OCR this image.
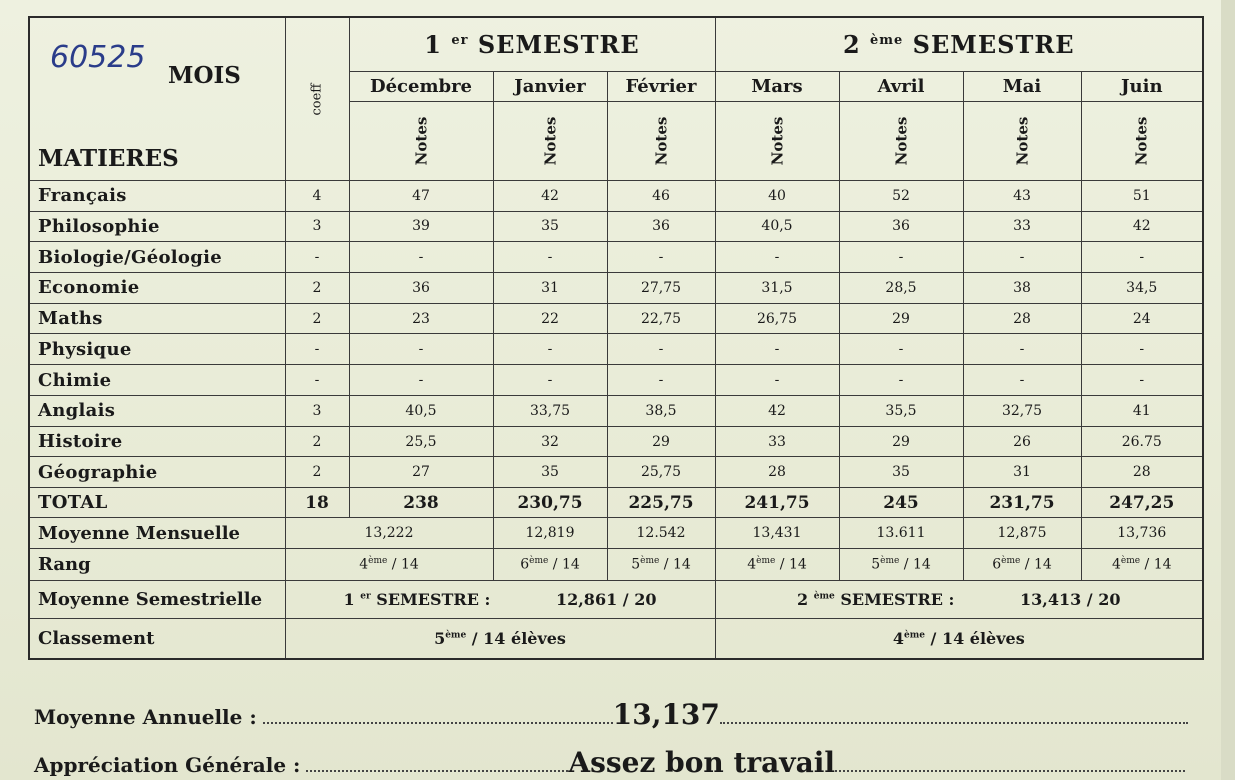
60525
MOIS
MATIERES	coeff	1 $^{er}$ SEMESTRE			2 $^{ème}$ SEMESTRE			
		Décembre	Janvier	Février	Mars	Avril	Mai	Juin
		Notes	Notes	Notes	Notes	Notes	Notes	Notes
Français	4	47	42	46	40	52	43	51
Philosophie	3	39	35	36	40,5	36	33	42
Biologie/Géologie	-	-	-	-	-	-	-	-
Economie	2	36	31	27,75	31,5	28,5	38	34,5
Maths	2	23	22	22,75	26,75	29	28	24
Physique	-	-	-	-	-	-	-	-
Chimie	-	-	-	-	-	-	-	-
Anglais	3	40,5	33,75	38,5	42	35,5	32,75	41
Histoire	2	25,5	32	29	33	29	26	26.75
Géographie	2	27	35	25,75	28	35	31	28
TOTAL	18	238	230,75	225,75	241,75	245	231,75	247,25
Moyenne Mensuelle	13,222		12,819	12.542	13,431	13.611	12,875	13,736
Rang	4ème / 14		6ème / 14	5ème / 14	4ème / 14	5ème / 14	6ème / 14	4ème / 14
Moyenne Semestrielle	1 $^{er}$ SEMESTRE : 12,861 / 20				2 $^{ème}$ SEMESTRE : 13,413 / 20			
Classement	5ème / 14 élèves				4ème / 14 élèves			
Moyenne Annuelle :	13,137
Appréciation Générale :	Assez bon travail
